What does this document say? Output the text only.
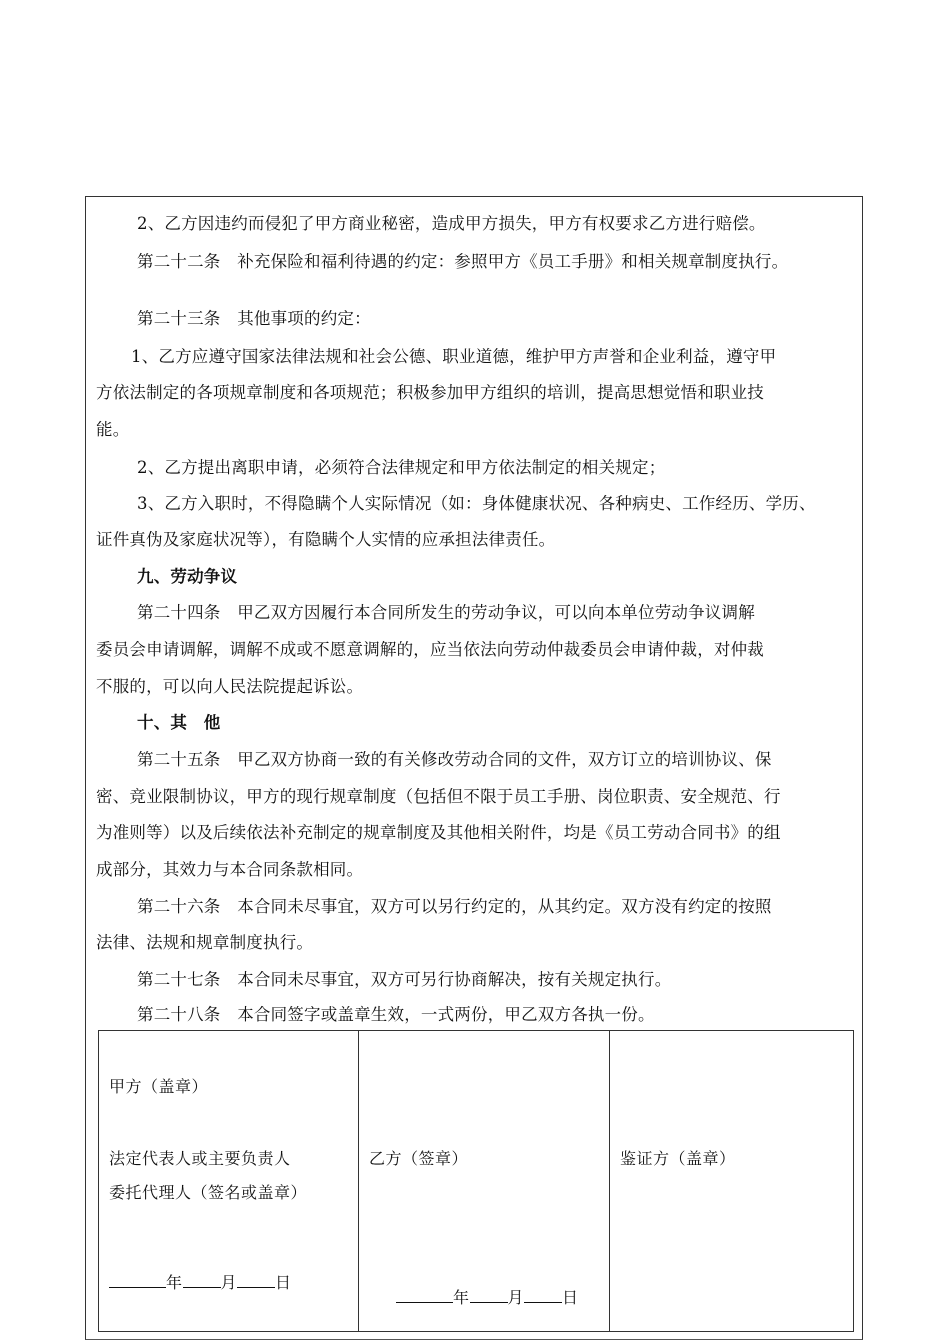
2、乙方因违约而侵犯了甲方商业秘密，造成甲方损失，甲方有权要求乙方进行赔偿。
第二十二条　补充保险和福利待遇的约定：参照甲方《员工手册》和相关规章制度执行。
第二十三条　其他事项的约定：
1、乙方应遵守国家法律法规和社会公德、职业道德，维护甲方声誉和企业利益，遵守甲
方依法制定的各项规章制度和各项规范；积极参加甲方组织的培训，提高思想觉悟和职业技
能。
2、乙方提出离职申请，必须符合法律规定和甲方依法制定的相关规定；
3、乙方入职时，不得隐瞒个人实际情况（如：身体健康状况、各种病史、工作经历、学历、
证件真伪及家庭状况等），有隐瞒个人实情的应承担法律责任。
九、劳动争议
第二十四条　甲乙双方因履行本合同所发生的劳动争议，可以向本单位劳动争议调解
委员会申请调解，调解不成或不愿意调解的，应当依法向劳动仲裁委员会申请仲裁，对仲裁
不服的，可以向人民法院提起诉讼。
十、其　他
第二十五条　甲乙双方协商一致的有关修改劳动合同的文件，双方订立的培训协议、保
密、竞业限制协议，甲方的现行规章制度（包括但不限于员工手册、岗位职责、安全规范、行
为准则等）以及后续依法补充制定的规章制度及其他相关附件，均是《员工劳动合同书》的组
成部分，其效力与本合同条款相同。
第二十六条　本合同未尽事宜，双方可以另行约定的，从其约定。双方没有约定的按照
法律、法规和规章制度执行。
第二十七条　本合同未尽事宜，双方可另行协商解决，按有关规定执行。
第二十八条　本合同签字或盖章生效，一式两份，甲乙双方各执一份。
甲方（盖章）
法定代表人或主要负责人
委托代理人（签名或盖章）
年 月 日
乙方（签章）
年 月 日
鉴证方（盖章）
